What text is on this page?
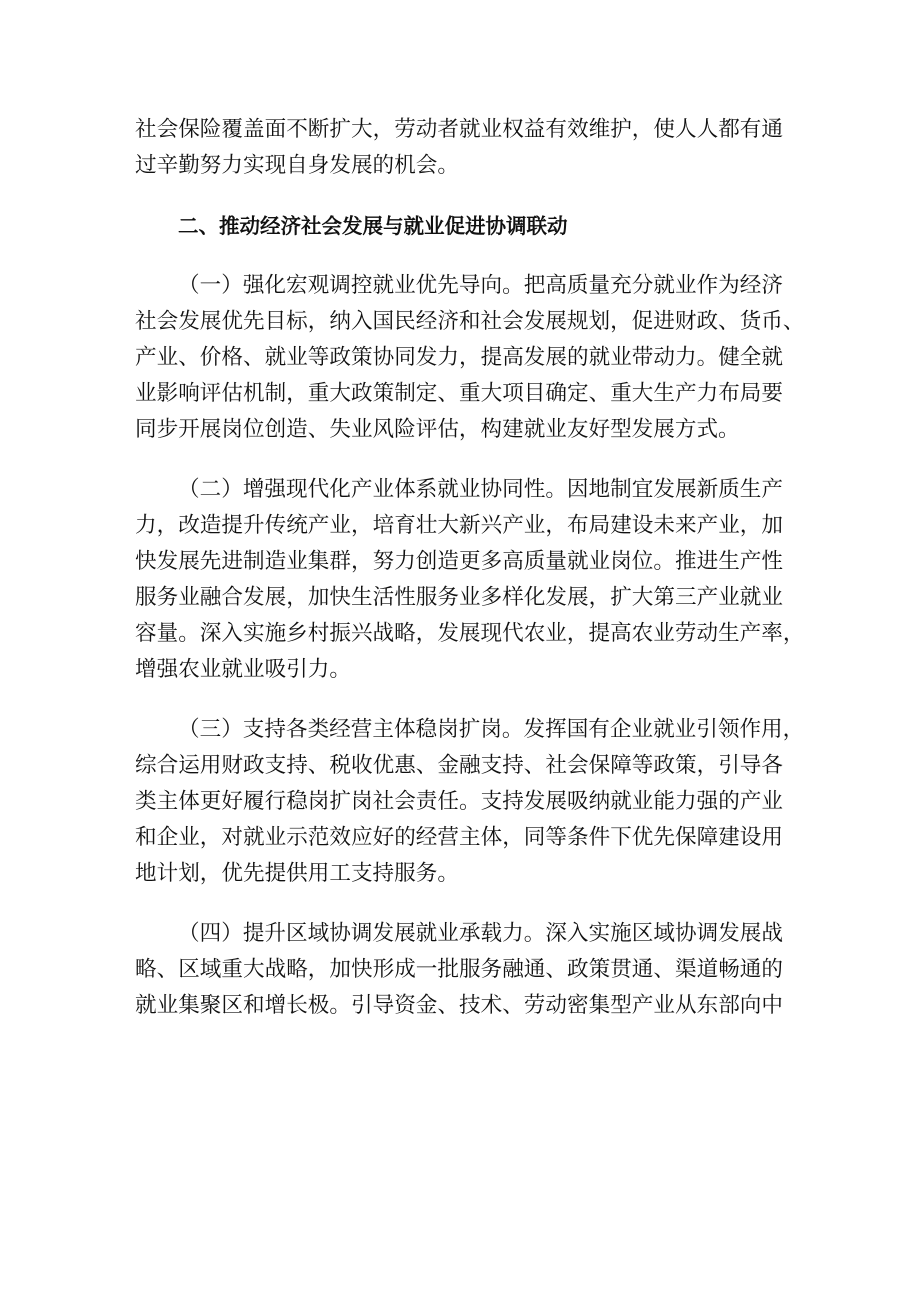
社会保险覆盖面不断扩大，劳动者就业权益有效维护，使人人都有通
过辛勤努力实现自身发展的机会。
二、推动经济社会发展与就业促进协调联动
（一）强化宏观调控就业优先导向。把高质量充分就业作为经济
社会发展优先目标，纳入国民经济和社会发展规划，促进财政、货币、
产业、价格、就业等政策协同发力，提高发展的就业带动力。健全就
业影响评估机制，重大政策制定、重大项目确定、重大生产力布局要
同步开展岗位创造、失业风险评估，构建就业友好型发展方式。
（二）增强现代化产业体系就业协同性。因地制宜发展新质生产
力，改造提升传统产业，培育壮大新兴产业，布局建设未来产业，加
快发展先进制造业集群，努力创造更多高质量就业岗位。推进生产性
服务业融合发展，加快生活性服务业多样化发展，扩大第三产业就业
容量。深入实施乡村振兴战略，发展现代农业，提高农业劳动生产率，
增强农业就业吸引力。
（三）支持各类经营主体稳岗扩岗。发挥国有企业就业引领作用，
综合运用财政支持、税收优惠、金融支持、社会保障等政策，引导各
类主体更好履行稳岗扩岗社会责任。支持发展吸纳就业能力强的产业
和企业，对就业示范效应好的经营主体，同等条件下优先保障建设用
地计划，优先提供用工支持服务。
（四）提升区域协调发展就业承载力。深入实施区域协调发展战
略、区域重大战略，加快形成一批服务融通、政策贯通、渠道畅通的
就业集聚区和增长极。引导资金、技术、劳动密集型产业从东部向中
